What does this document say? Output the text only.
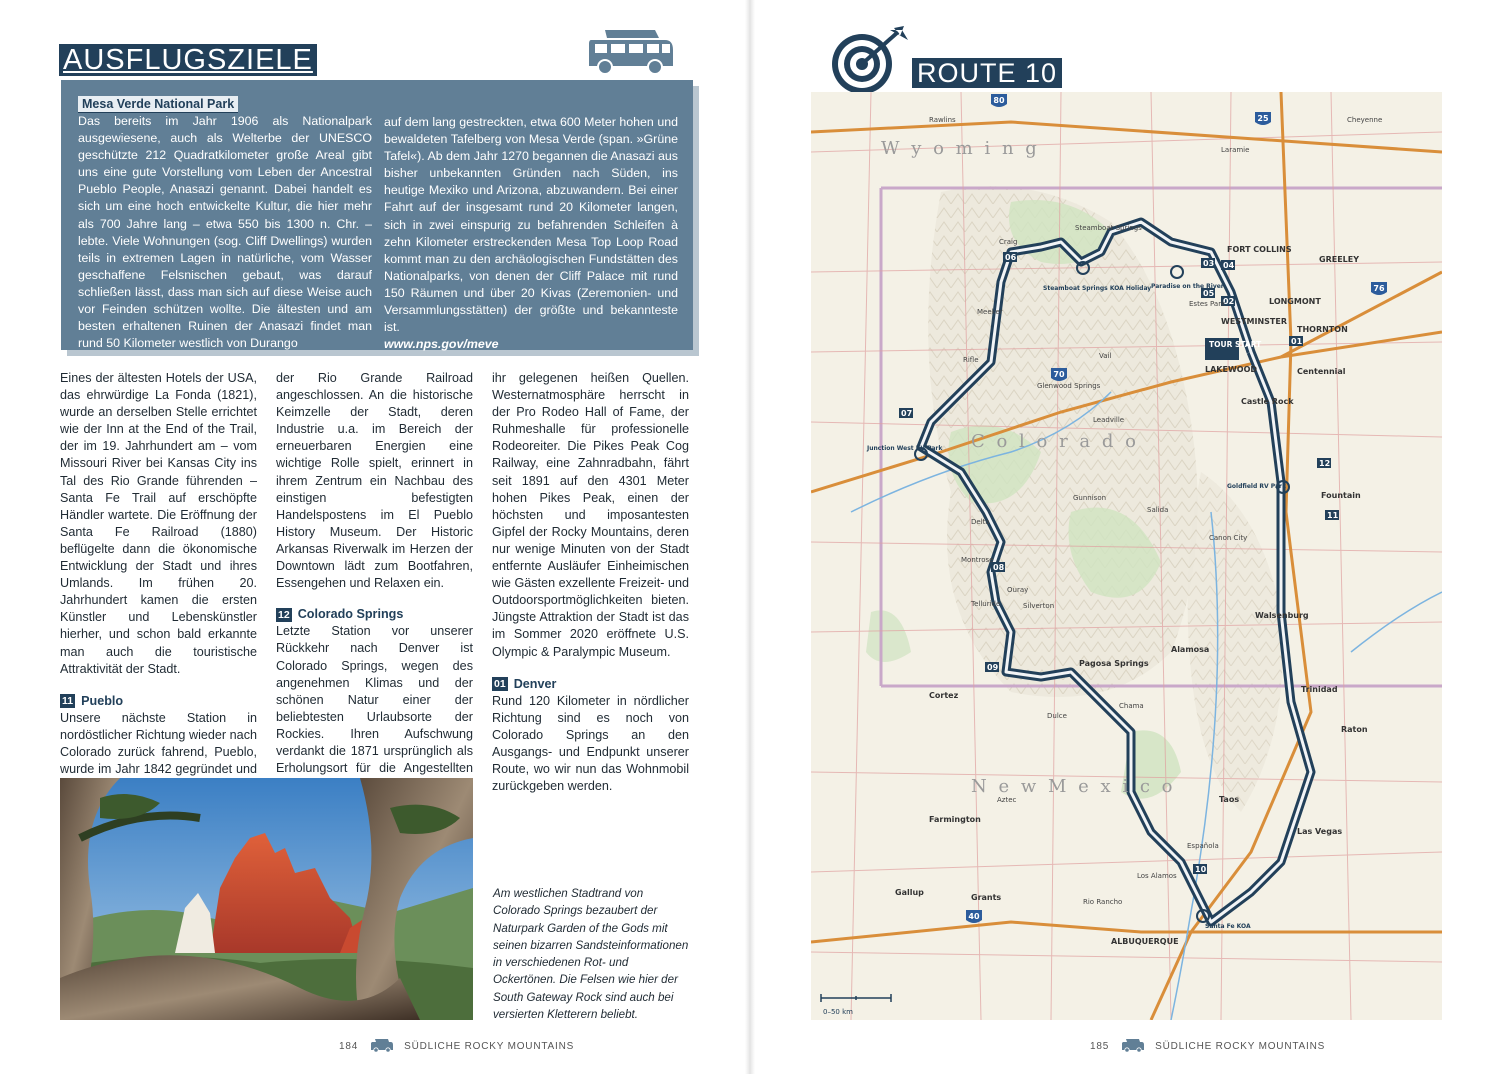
AUSFLUGSZIELE
Mesa Verde National Park
Das bereits im Jahr 1906 als Nationalpark ausgewiesene, auch als Welterbe der UNESCO geschützte 212 Quadratkilometer große Areal gibt uns eine gute Vorstellung vom Leben der Ancestral Pueblo People, Anasazi genannt. Dabei handelt es sich um eine hoch entwickelte Kultur, die hier mehr als 700 Jahre lang – etwa 550 bis 1300 n. Chr. – lebte. Viele Wohnungen (sog. Cliff Dwellings) wurden teils in extremen Lagen in natürliche, vom Wasser geschaffene Felsnischen gebaut, was darauf schließen lässt, dass man sich auf diese Weise auch vor Feinden schützen wollte. Die ältesten und am besten erhaltenen Ruinen der Anasazi findet man rund 50 Kilometer westlich von Durango
auf dem lang gestreckten, etwa 600 Meter hohen und bewaldeten Tafelberg von Mesa Verde (span. »Grüne Tafel«). Ab dem Jahr 1270 begannen die Anasazi aus bisher unbekannten Gründen nach Süden, ins heutige Mexiko und Arizona, abzuwandern. Bei einer Fahrt auf der insgesamt rund 20 Kilometer langen, sich in zwei einspurig zu befahrenden Schleifen à zehn Kilometer erstreckenden Mesa Top Loop Road kommt man zu den archäologischen Fundstätten des Nationalparks, von denen der Cliff Palace mit rund 150 Räumen und über 20 Kivas (Zeremonien- und Versammlungsstätten) der größte und bekannteste ist.
www.nps.gov/meve

Eines der ältesten Hotels der USA, das ehrwürdige La Fonda (1821), wurde an derselben Stelle errichtet wie der Inn at the End of the Trail, der im 19. Jahrhundert am – vom Missouri River bei Kansas City ins Tal des Rio Grande führenden – Santa Fe Trail auf erschöpfte Händler wartete. Die Eröffnung der Santa Fe Railroad (1880) beflügelte dann die ökonomische Entwicklung der Stadt und ihres Umlands. Im frühen 20. Jahrhundert kamen die ersten Künstler und Lebenskünstler hierher, und schon bald erkannte man auch die touristische Attraktivität der Stadt.

11 Pueblo

Unsere nächste Station in nordöstlicher Richtung wieder nach Colorado zurück fahrend, Pueblo, wurde im Jahr 1842 gegründet und

der Rio Grande Railroad angeschlossen. An die historische Keimzelle der Stadt, deren Industrie u.a. im Bereich der erneuerbaren Energien eine wichtige Rolle spielt, erinnert in ihrem Zentrum ein Nachbau des einstigen befestigten Handelspostens im El Pueblo History Museum. Der Historic Arkansas Riverwalk im Herzen der Downtown lädt zum Bootfahren, Essengehen und Relaxen ein.

12 Colorado Springs

Letzte Station vor unserer Rückkehr nach Denver ist Colorado Springs, wegen des angenehmen Klimas und der schönen Natur einer der beliebtesten Urlaubsorte der Rockies. Ihren Aufschwung verdankt die 1871 ursprünglich als Erholungsort für die Angestellten

ihr gelegenen heißen Quellen. Westernatmosphäre herrscht in der Pro Rodeo Hall of Fame, der Ruhmeshalle für professionelle Rodeoreiter. Die Pikes Peak Cog Railway, eine Zahnradbahn, fährt seit 1891 auf den 4301 Meter hohen Pikes Peak, einen der höchsten und imposantesten Gipfel der Rocky Mountains, deren nur wenige Minuten von der Stadt entfernte Ausläufer Einheimischen wie Gästen exzellente Freizeit- und Outdoorsportmöglichkeiten bieten. Jüngste Attraktion der Stadt ist das im Sommer 2020 eröffnete U.S. Olympic & Paralympic Museum.

01 Denver

Rund 120 Kilometer in nördlicher Richtung sind es noch von Colorado Springs an den Ausgangs- und Endpunkt unserer Route, wo wir nun das Wohnmobil zurückgeben werden.

Am westlichen Stadtrand von Colorado Springs bezaubert der Naturpark Garden of the Gods mit seinen bizarren Sandsteinformationen in verschiedenen Rot- und Ockertönen. Die Felsen wie hier der South Gateway Rock sind auch bei versierten Kletterern beliebt.
184	SÜDLICHE ROCKY MOUNTAINS
ROUTE 10
80
25
76
70
40
W y o m i n g
C o l o r a d o
N e w M e x i c o
01
02
03 04
05
06
07
08
09
10
11
12
TOUR START
Steamboat Springs KOA Holiday Paradise on the River
Junction West RV Park
Goldfield RV Park
Santa Fe KOA
FORT COLLINS
GREELEY
LONGMONT
WESTMINSTER
THORNTON
LAKEWOOD	Centennial
Castle Rock
Fountain
ALBUQUERQUE
Farmington
Gallup
Grants
Cortez
Pagosa Springs
Alamosa
Walsenburg
Trinidad
Raton
Taos
Las Vegas
Española
Craig
Steamboat Springs
Glenwood Springs
Montrose
Delta
Gunnison
Salida
Canon City
Rifle
Meeker
Rawlins
Laramie
Cheyenne
Estes Park
Vail
Leadville
Telluride
Ouray
Silverton
Los Alamos
Rio Rancho
Aztec
Dulce
Chama
0–50 km
185	SÜDLICHE ROCKY MOUNTAINS
